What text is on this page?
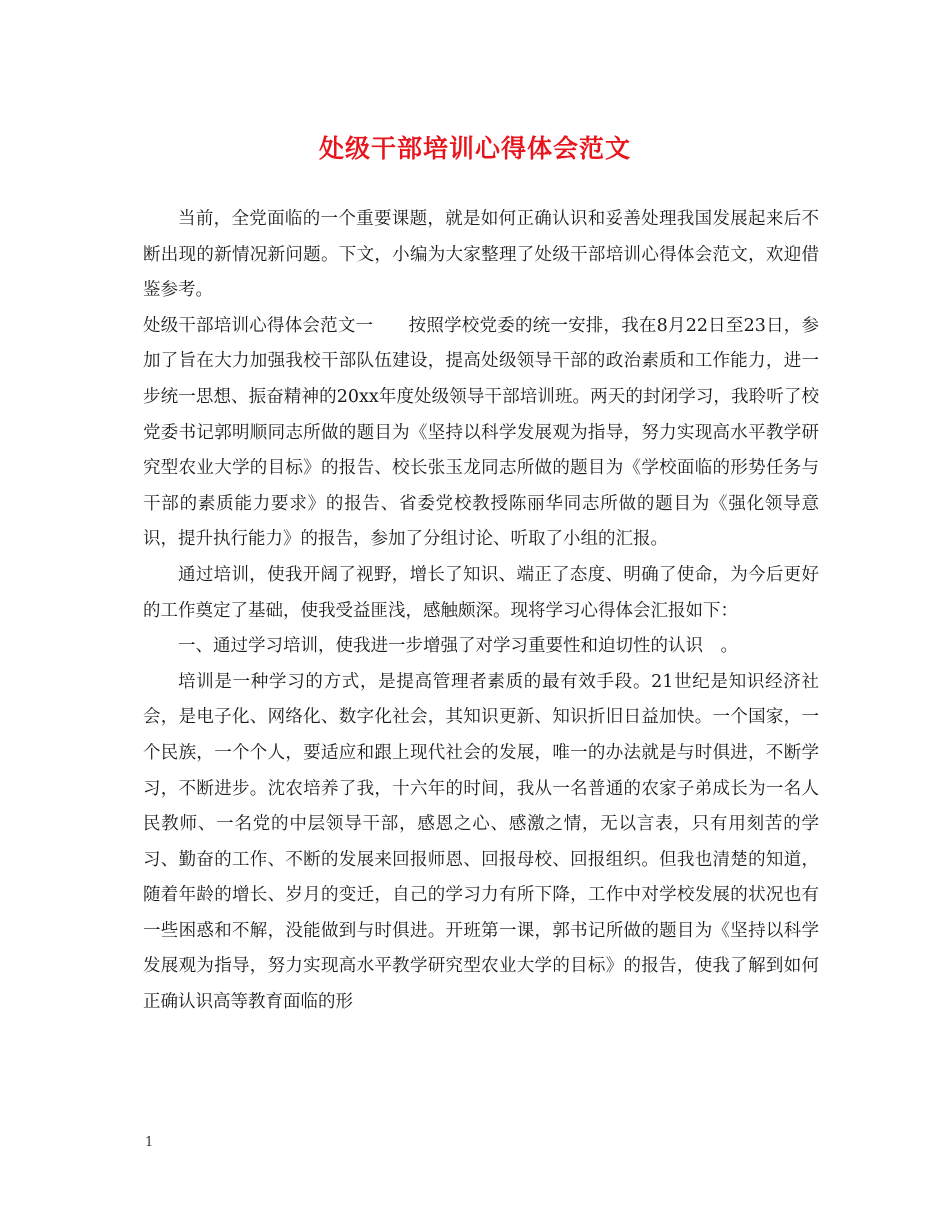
处级干部培训心得体会范文

当前，全党面临的一个重要课题，就是如何正确认识和妥善处理我国发展起来后不断出现的新情况新问题。下文，小编为大家整理了处级干部培训心得体会范文，欢迎借鉴参考。

处级干部培训心得体会范文一　　按照学校党委的统一安排，我在8月22日至23日，参加了旨在大力加强我校干部队伍建设，提高处级领导干部的政治素质和工作能力，进一步统一思想、振奋精神的20xx年度处级领导干部培训班。两天的封闭学习，我聆听了校党委书记郭明顺同志所做的题目为《坚持以科学发展观为指导，努力实现高水平教学研究型农业大学的目标》的报告、校长张玉龙同志所做的题目为《学校面临的形势任务与干部的素质能力要求》的报告、省委党校教授陈丽华同志所做的题目为《强化领导意识，提升执行能力》的报告，参加了分组讨论、听取了小组的汇报。

通过培训，使我开阔了视野，增长了知识、端正了态度、明确了使命，为今后更好的工作奠定了基础，使我受益匪浅，感触颇深。现将学习心得体会汇报如下：

一、通过学习培训，使我进一步增强了对学习重要性和迫切性的认识　。

培训是一种学习的方式，是提高管理者素质的最有效手段。21世纪是知识经济社会，是电子化、网络化、数字化社会，其知识更新、知识折旧日益加快。一个国家，一个民族，一个个人，要适应和跟上现代社会的发展，唯一的办法就是与时俱进，不断学习，不断进步。沈农培养了我，十六年的时间，我从一名普通的农家子弟成长为一名人民教师、一名党的中层领导干部，感恩之心、感激之情，无以言表，只有用刻苦的学习、勤奋的工作、不断的发展来回报师恩、回报母校、回报组织。但我也清楚的知道，随着年龄的增长、岁月的变迁，自己的学习力有所下降，工作中对学校发展的状况也有一些困惑和不解，没能做到与时俱进。开班第一课，郭书记所做的题目为《坚持以科学发展观为指导，努力实现高水平教学研究型农业大学的目标》的报告，使我了解到如何正确认识高等教育面临的形

1
